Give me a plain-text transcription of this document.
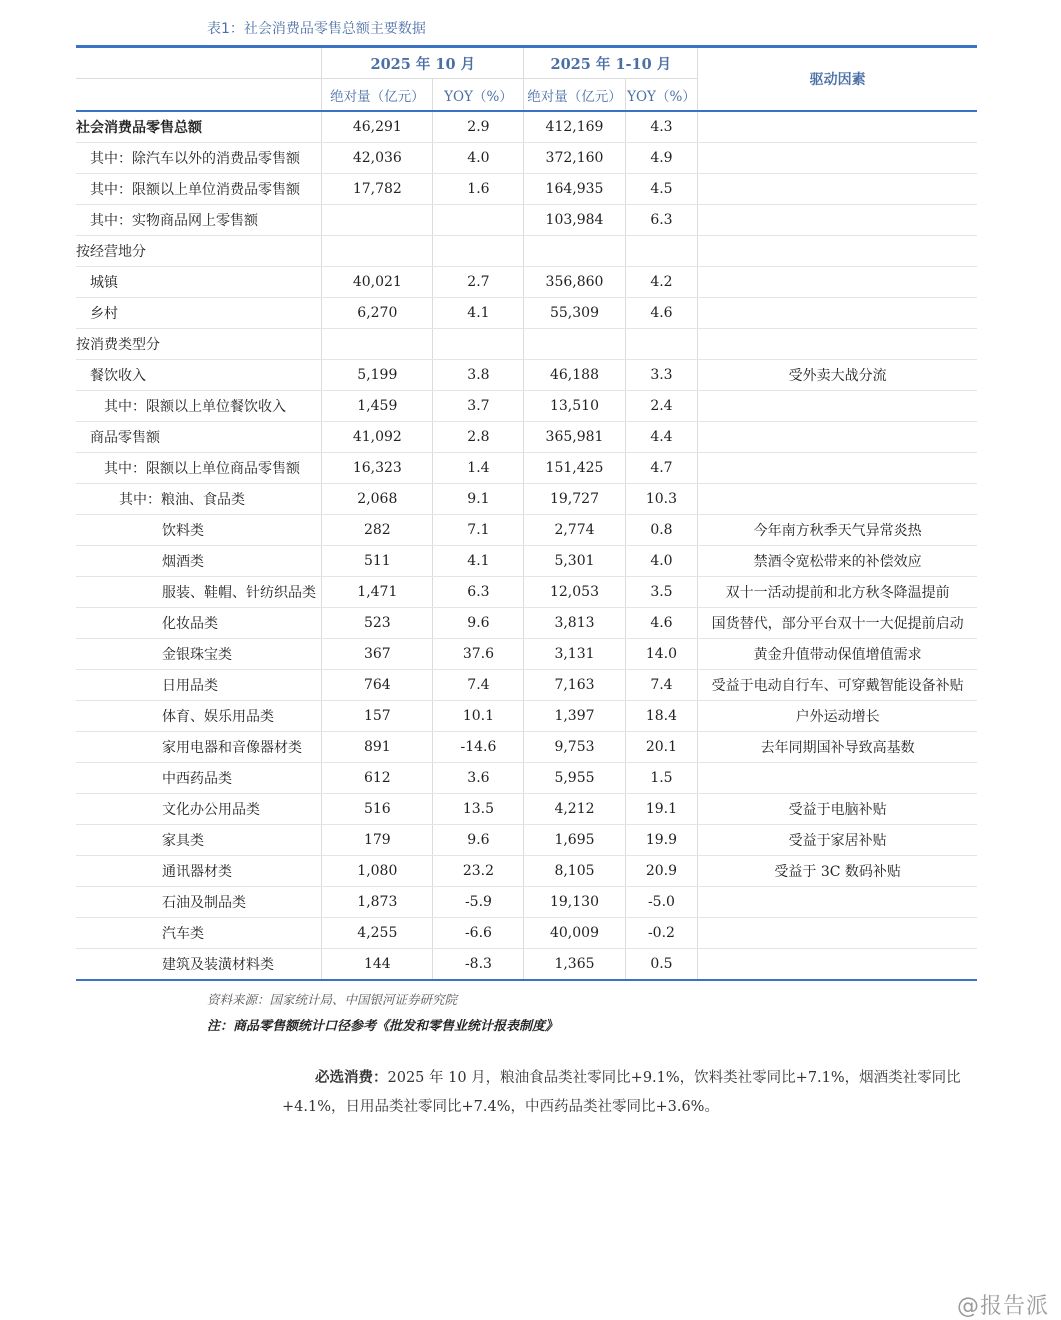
表1：社会消费品零售总额主要数据
	2025 年 10 月		2025 年 1-10 月		驱动因素
	绝对量（亿元）	YOY（%）	绝对量（亿元）	YOY（%）	
社会消费品零售总额	46,291	2.9	412,169	4.3	
其中：除汽车以外的消费品零售额	42,036	4.0	372,160	4.9	
其中：限额以上单位消费品零售额	17,782	1.6	164,935	4.5	
其中：实物商品网上零售额			103,984	6.3	
按经营地分					
城镇	40,021	2.7	356,860	4.2	
乡村	6,270	4.1	55,309	4.6	
按消费类型分					
餐饮收入	5,199	3.8	46,188	3.3	受外卖大战分流
其中：限额以上单位餐饮收入	1,459	3.7	13,510	2.4	
商品零售额	41,092	2.8	365,981	4.4	
其中：限额以上单位商品零售额	16,323	1.4	151,425	4.7	
其中：粮油、食品类	2,068	9.1	19,727	10.3	
饮料类	282	7.1	2,774	0.8	今年南方秋季天气异常炎热
烟酒类	511	4.1	5,301	4.0	禁酒令宽松带来的补偿效应
服装、鞋帽、针纺织品类	1,471	6.3	12,053	3.5	双十一活动提前和北方秋冬降温提前
化妆品类	523	9.6	3,813	4.6	国货替代，部分平台双十一大促提前启动
金银珠宝类	367	37.6	3,131	14.0	黄金升值带动保值增值需求
日用品类	764	7.4	7,163	7.4	受益于电动自行车、可穿戴智能设备补贴
体育、娱乐用品类	157	10.1	1,397	18.4	户外运动增长
家用电器和音像器材类	891	-14.6	9,753	20.1	去年同期国补导致高基数
中西药品类	612	3.6	5,955	1.5	
文化办公用品类	516	13.5	4,212	19.1	受益于电脑补贴
家具类	179	9.6	1,695	19.9	受益于家居补贴
通讯器材类	1,080	23.2	8,105	20.9	受益于 3C 数码补贴
石油及制品类	1,873	-5.9	19,130	-5.0	
汽车类	4,255	-6.6	40,009	-0.2	
建筑及装潢材料类	144	-8.3	1,365	0.5	
资料来源：国家统计局、中国银河证券研究院
注：商品零售额统计口径参考《批发和零售业统计报表制度》
必选消费：2025 年 10 月，粮油食品类社零同比+9.1%，饮料类社零同比+7.1%，烟酒类社零同比+4.1%，日用品类社零同比+7.4%，中西药品类社零同比+3.6%。
@报告派
